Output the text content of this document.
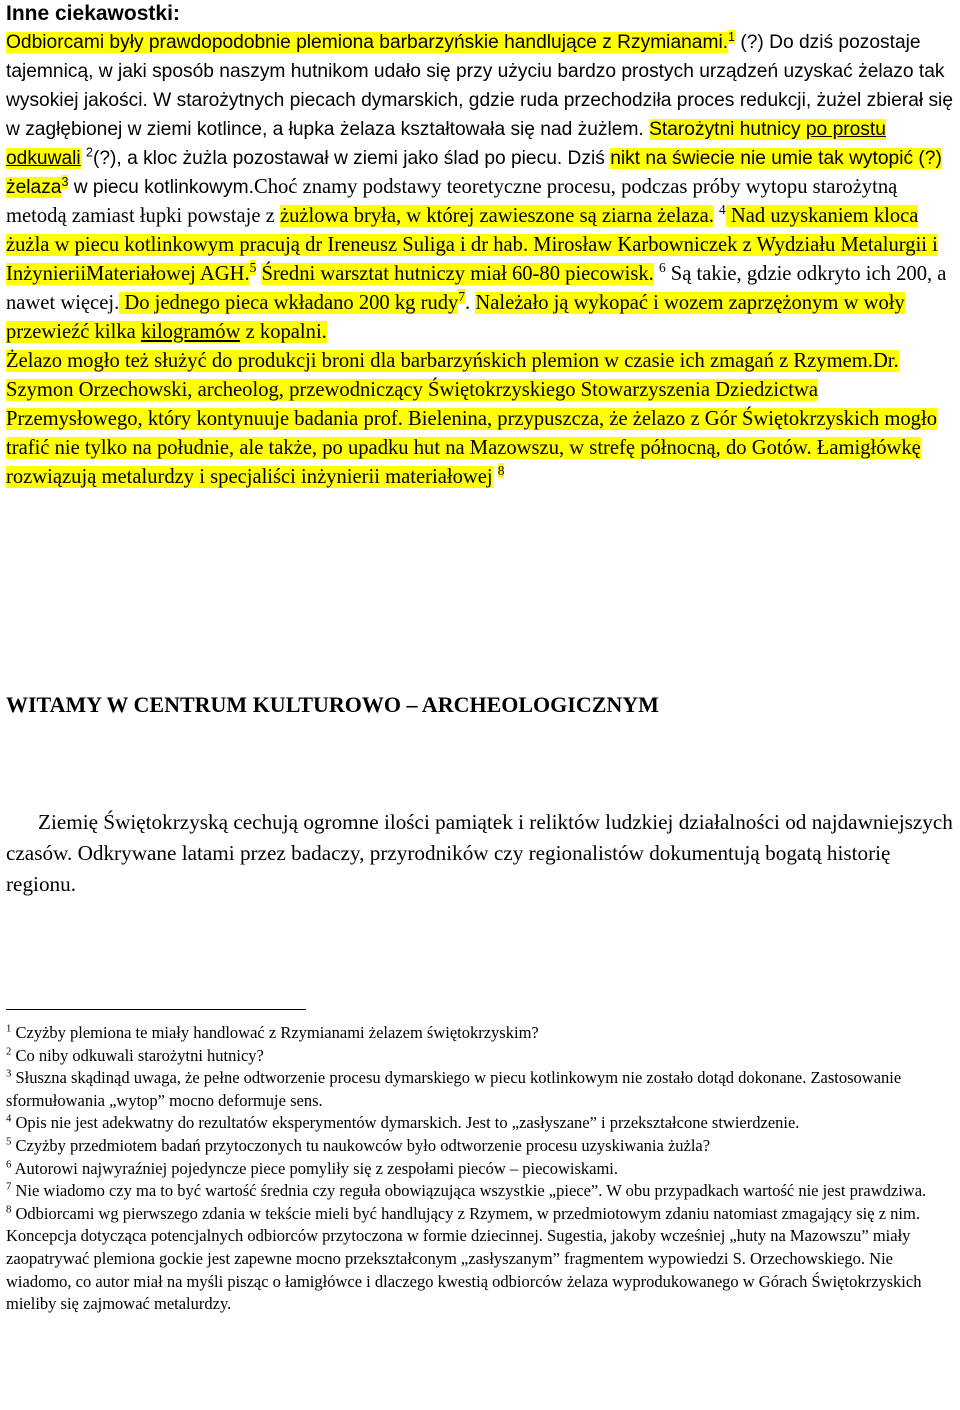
Inne ciekawostki:
Odbiorcami były prawdopodobnie plemiona barbarzyńskie handlujące z Rzymianami.$^1$ (?) Do dziś pozostaje tajemnicą, w jaki sposób naszym hutnikom udało się przy użyciu bardzo prostych urządzeń uzyskać żelazo tak wysokiej jakości. W starożytnych piecach dymarskich, gdzie ruda przechodziła proces redukcji, żużel zbierał się w zagłębionej w ziemi kotlince, a łupka żelaza kształtowała się nad żużlem. Starożytni hutnicy po prostu odkuwali $^2$(?), a kloc żużla pozostawał w ziemi jako ślad po piecu. Dziś nikt na świecie nie umie tak wytopić (?) żelaza$^3$ w piecu kotlinkowym.Choć znamy podstawy teoretyczne procesu, podczas próby wytopu starożytną metodą zamiast łupki powstaje z żużlowa bryła, w której zawieszone są ziarna żelaza. $^4$ Nad uzyskaniem kloca żużla w piecu kotlinkowym pracują dr Ireneusz Suliga i dr hab. Mirosław Karbowniczek z Wydziału Metalurgii i InżynieriiMateriałowej AGH.$^5$ Średni warsztat hutniczy miał 60-80 piecowisk. $^6$ Są takie, gdzie odkryto ich 200, a nawet więcej. Do jednego pieca wkładano 200 kg rudy$^7$. Należało ją wykopać i wozem zaprzężonym w woły przewieźć kilka kilogramów z kopalni.
Żelazo mogło też służyć do produkcji broni dla barbarzyńskich plemion w czasie ich zmagań z Rzymem.Dr. Szymon Orzechowski, archeolog, przewodniczący Świętokrzyskiego Stowarzyszenia Dziedzictwa Przemysłowego, który kontynuuje badania prof. Bielenina, przypuszcza, że żelazo z Gór Świętokrzyskich mogło trafić nie tylko na południe, ale także, po upadku hut na Mazowszu, w strefę północną, do Gotów. Łamigłówkę rozwiązują metalurdzy i specjaliści inżynierii materiałowej $^8$
WITAMY W CENTRUM KULTUROWO – ARCHEOLOGICZNYM
Ziemię Świętokrzyską cechują ogromne ilości pamiątek i reliktów ludzkiej działalności od najdawniejszych czasów. Odkrywane latami przez badaczy, przyrodników czy regionalistów dokumentują bogatą historię regionu.

$^1$ Czyżby plemiona te miały handlować z Rzymianami żelazem świętokrzyskim?

$^2$ Co niby odkuwali starożytni hutnicy?

$^3$ Słuszna skądinąd uwaga, że pełne odtworzenie procesu dymarskiego w piecu kotlinkowym nie zostało dotąd dokonane. Zastosowanie sformułowania „wytop” mocno deformuje sens.

$^4$ Opis nie jest adekwatny do rezultatów eksperymentów dymarskich. Jest to „zasłyszane” i przekształcone stwierdzenie.

$^5$ Czyżby przedmiotem badań przytoczonych tu naukowców było odtworzenie procesu uzyskiwania żużla?

$^6$ Autorowi najwyraźniej pojedyncze piece pomyliły się z zespołami pieców – piecowiskami.

$^7$ Nie wiadomo czy ma to być wartość średnia czy reguła obowiązująca wszystkie „piece”. W obu przypadkach wartość nie jest prawdziwa.

$^8$ Odbiorcami wg pierwszego zdania w tekście mieli być handlujący z Rzymem, w przedmiotowym zdaniu natomiast zmagający się z nim. Koncepcja dotycząca potencjalnych odbiorców przytoczona w formie dziecinnej. Sugestia, jakoby wcześniej „huty na Mazowszu” miały zaopatrywać plemiona gockie jest zapewne mocno przekształconym „zasłyszanym” fragmentem wypowiedzi S. Orzechowskiego. Nie wiadomo, co autor miał na myśli pisząc o łamigłówce i dlaczego kwestią odbiorców żelaza wyprodukowanego w Górach Świętokrzyskich mieliby się zajmować metalurdzy.
